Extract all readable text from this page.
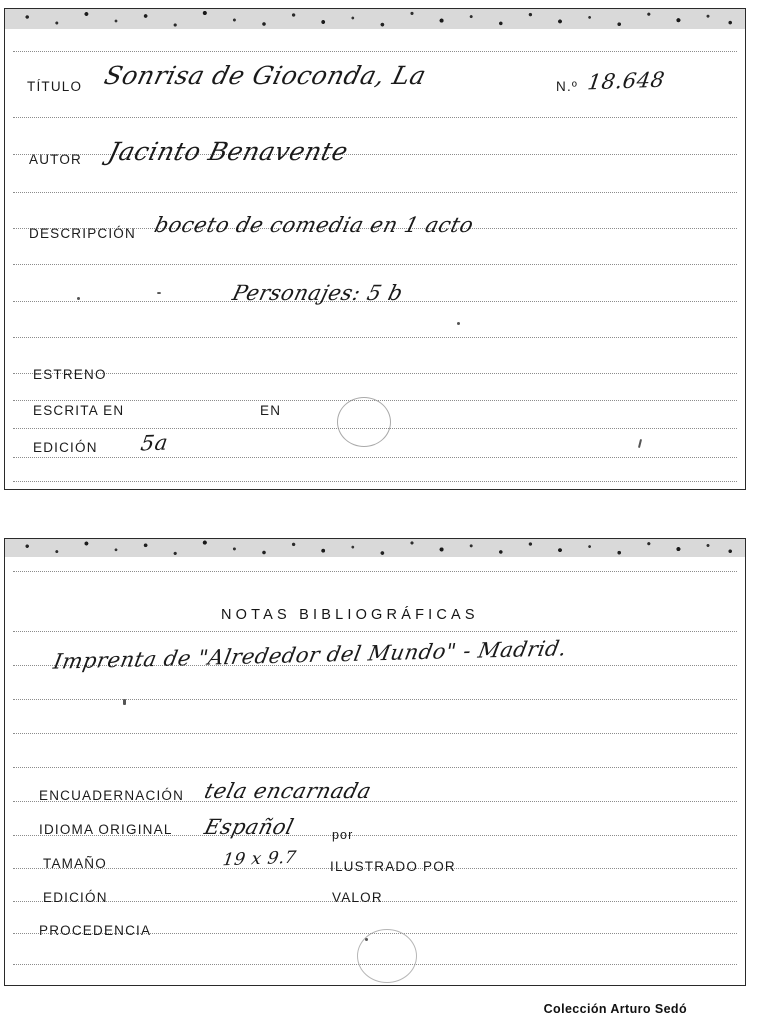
TÍTULO Sonrisa de Gioconda, La	N.º 18.648
AUTOR Jacinto Benavente
DESCRIPCIÓN boceto de comedia en 1 acto
Personajes: 5 b
ESTRENO
ESCRITA EN	EN
EDICIÓN 5a
NOTAS BIBLIOGRÁFICAS
Imprenta de "Alrededor del Mundo" - Madrid.
ENCUADERNACIÓN tela encarnada
IDIOMA ORIGINAL Español	por
TAMAÑO	19 x 9.7 ILUSTRADO POR
EDICIÓN	VALOR
PROCEDENCIA
Colección Arturo Sedó
